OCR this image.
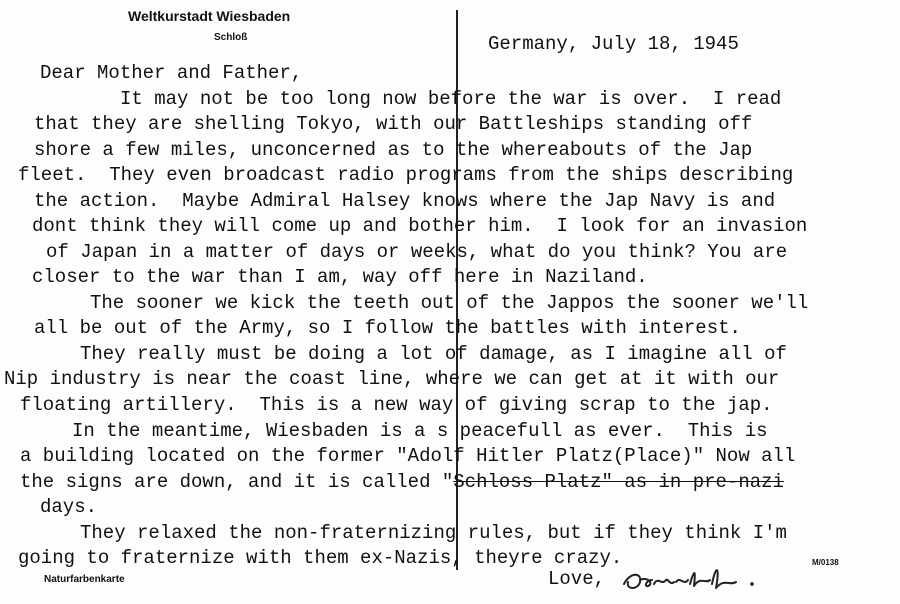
Weltkurstadt Wiesbaden
Schloß	Germany, July 18, 1945
Dear Mother and Father,
It may not be too long now before the war is over.  I read
that they are shelling Tokyo, with our Battleships standing off
shore a few miles, unconcerned as to the whereabouts of the Jap
fleet.  They even broadcast radio programs from the ships describing
the action.  Maybe Admiral Halsey knows where the Jap Navy is and
dont think they will come up and bother him.  I look for an invasion
of Japan in a matter of days or weeks, what do you think? You are
closer to the war than I am, way off here in Naziland.
The sooner we kick the teeth out of the Jappos the sooner we'll
all be out of the Army, so I follow the battles with interest.
They really must be doing a lot of damage, as I imagine all of
Nip industry is near the coast line, where we can get at it with our
floating artillery.  This is a new way of giving scrap to the jap.
In the meantime, Wiesbaden is a s peacefull as ever.  This is
a building located on the former "Adolf Hitler Platz(Place)" Now all
the signs are down, and it is called "Schloss Platz" as in pre-nazi
days.
They relaxed the non-fraternizing rules, but if they think I'm
going to fraternize with them ex-Nazis, theyre crazy.
Love,
Naturfarbenkarte
M/0138
